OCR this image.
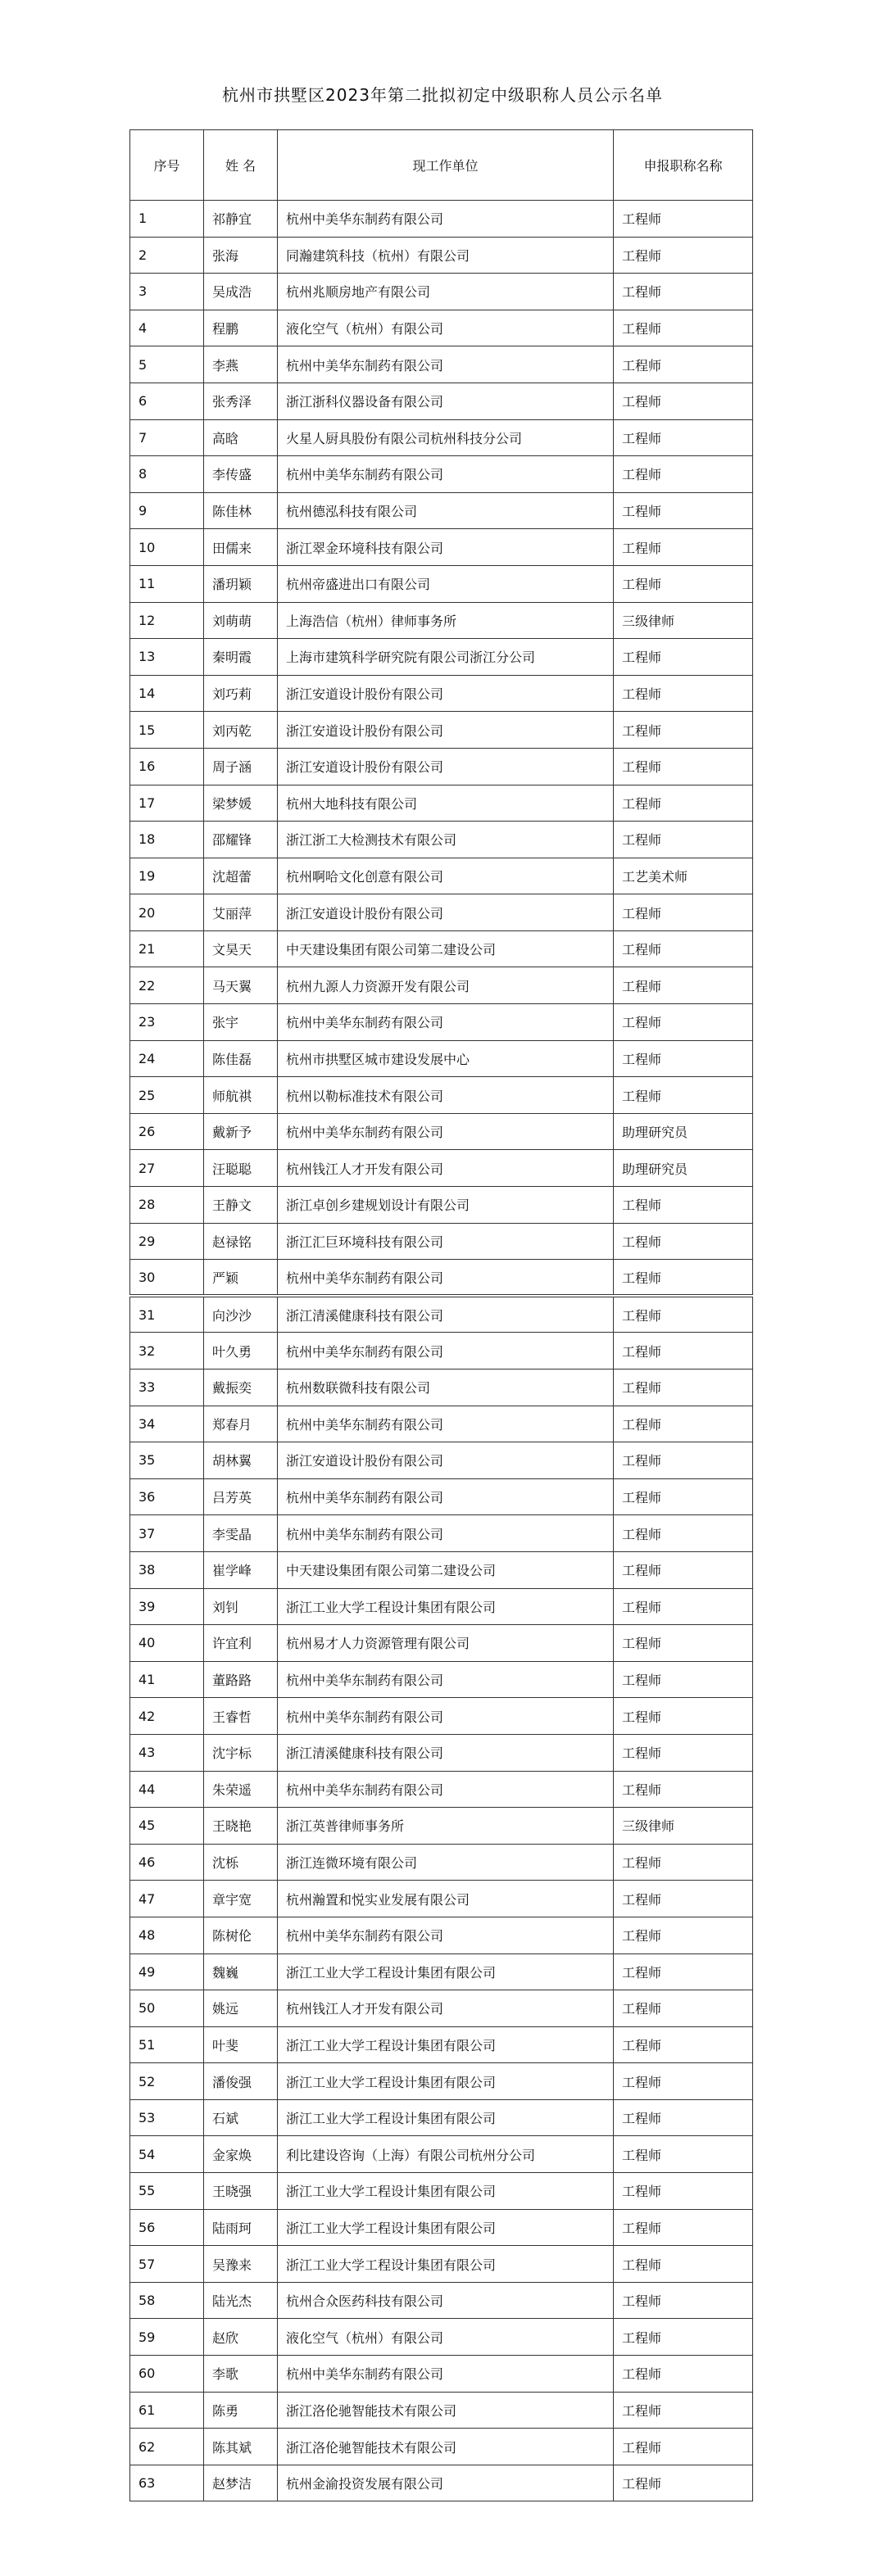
杭州市拱墅区2023年第二批拟初定中级职称人员公示名单
序号	姓 名	现工作单位	申报职称名称
1	祁静宜	杭州中美华东制药有限公司	工程师
2	张海	同瀚建筑科技（杭州）有限公司	工程师
3	吴成浩	杭州兆顺房地产有限公司	工程师
4	程鹏	液化空气（杭州）有限公司	工程师
5	李燕	杭州中美华东制药有限公司	工程师
6	张秀泽	浙江浙科仪器设备有限公司	工程师
7	高晗	火星人厨具股份有限公司杭州科技分公司	工程师
8	李传盛	杭州中美华东制药有限公司	工程师
9	陈佳林	杭州德泓科技有限公司	工程师
10	田儒来	浙江翠金环境科技有限公司	工程师
11	潘玥颖	杭州帝盛进出口有限公司	工程师
12	刘萌萌	上海浩信（杭州）律师事务所	三级律师
13	秦明霞	上海市建筑科学研究院有限公司浙江分公司	工程师
14	刘巧莉	浙江安道设计股份有限公司	工程师
15	刘丙乾	浙江安道设计股份有限公司	工程师
16	周子涵	浙江安道设计股份有限公司	工程师
17	梁梦媛	杭州大地科技有限公司	工程师
18	邵耀锋	浙江浙工大检测技术有限公司	工程师
19	沈超蕾	杭州啊哈文化创意有限公司	工艺美术师
20	艾丽萍	浙江安道设计股份有限公司	工程师
21	文昊天	中天建设集团有限公司第二建设公司	工程师
22	马天翼	杭州九源人力资源开发有限公司	工程师
23	张宇	杭州中美华东制药有限公司	工程师
24	陈佳磊	杭州市拱墅区城市建设发展中心	工程师
25	师航祺	杭州以勒标准技术有限公司	工程师
26	戴新予	杭州中美华东制药有限公司	助理研究员
27	汪聪聪	杭州钱江人才开发有限公司	助理研究员
28	王静文	浙江卓创乡建规划设计有限公司	工程师
29	赵禄铭	浙江汇巨环境科技有限公司	工程师
30	严颖	杭州中美华东制药有限公司	工程师
31	向沙沙	浙江清溪健康科技有限公司	工程师
32	叶久勇	杭州中美华东制药有限公司	工程师
33	戴振奕	杭州数联微科技有限公司	工程师
34	郑春月	杭州中美华东制药有限公司	工程师
35	胡林翼	浙江安道设计股份有限公司	工程师
36	吕芳英	杭州中美华东制药有限公司	工程师
37	李雯晶	杭州中美华东制药有限公司	工程师
38	崔学峰	中天建设集团有限公司第二建设公司	工程师
39	刘钊	浙江工业大学工程设计集团有限公司	工程师
40	许宜利	杭州易才人力资源管理有限公司	工程师
41	董路路	杭州中美华东制药有限公司	工程师
42	王睿哲	杭州中美华东制药有限公司	工程师
43	沈宇标	浙江清溪健康科技有限公司	工程师
44	朱荣遥	杭州中美华东制药有限公司	工程师
45	王晓艳	浙江英普律师事务所	三级律师
46	沈栎	浙江连微环境有限公司	工程师
47	章宇宽	杭州瀚置和悦实业发展有限公司	工程师
48	陈树伦	杭州中美华东制药有限公司	工程师
49	魏巍	浙江工业大学工程设计集团有限公司	工程师
50	姚远	杭州钱江人才开发有限公司	工程师
51	叶斐	浙江工业大学工程设计集团有限公司	工程师
52	潘俊强	浙江工业大学工程设计集团有限公司	工程师
53	石斌	浙江工业大学工程设计集团有限公司	工程师
54	金家焕	利比建设咨询（上海）有限公司杭州分公司	工程师
55	王晓强	浙江工业大学工程设计集团有限公司	工程师
56	陆雨珂	浙江工业大学工程设计集团有限公司	工程师
57	吴豫来	浙江工业大学工程设计集团有限公司	工程师
58	陆光杰	杭州合众医药科技有限公司	工程师
59	赵欣	液化空气（杭州）有限公司	工程师
60	李歌	杭州中美华东制药有限公司	工程师
61	陈勇	浙江洛伦驰智能技术有限公司	工程师
62	陈其斌	浙江洛伦驰智能技术有限公司	工程师
63	赵梦洁	杭州金渝投资发展有限公司	工程师
